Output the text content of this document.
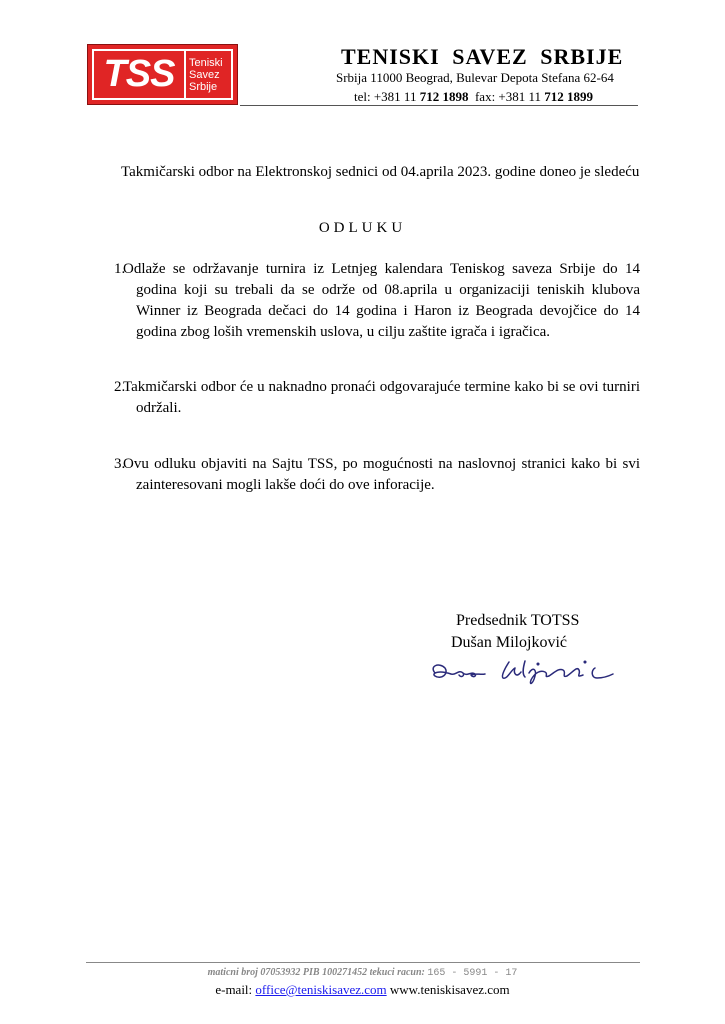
TSS	Teniski
Savez
Srbije
TENISKI SAVEZ SRBIJE
Srbija 11000 Beograd, Bulevar Depota Stefana 62-64
tel: +381 11 712 1898 fax: +381 11 712 1899
Takmičarski odbor na Elektronskoj sednici od 04.aprila 2023. godine doneo je sledeću
ODLUKU
1.
Odlaže se održavanje turnira iz Letnjeg kalendara Teniskog saveza Srbije do 14 godina koji su trebali da se održe od 08.aprila u organizaciji teniskih klubova Winner iz Beograda dečaci do 14 godina i Haron iz Beograda devojčice do 14 godina zbog loših vremenskih uslova, u cilju zaštite igrača i igračica.
2.
Takmičarski odbor će u naknadno pronaći odgovarajuće termine kako bi se ovi turniri održali.
3.
Ovu odluku objaviti na Sajtu TSS, po mogućnosti na naslovnoj stranici kako bi svi zainteresovani mogli lakše doći do ove inforacije.
Predsednik TOTSS
Dušan Milojković
maticni broj 07053932 PIB 100271452 tekuci racun: 165 - 5991 - 17
e-mail: office@teniskisavez.com www.teniskisavez.com
